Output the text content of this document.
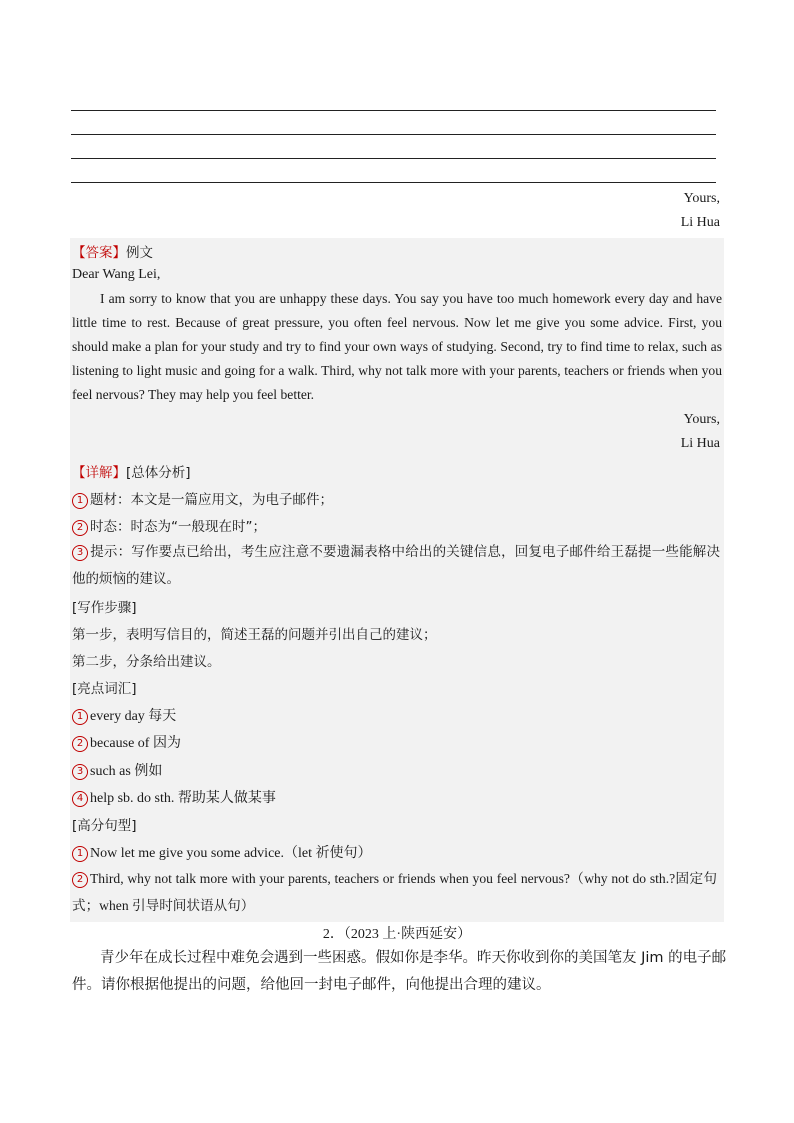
Yours,
Li Hua
【答案】例文
Dear Wang Lei,
I am sorry to know that you are unhappy these days. You say you have too much homework every day and have little time to rest. Because of great pressure, you often feel nervous. Now let me give you some advice. First, you should make a plan for your study and try to find your own ways of studying. Second, try to find time to relax, such as listening to light music and going for a walk. Third, why not talk more with your parents, teachers or friends when you feel nervous? They may help you feel better.
Yours,
Li Hua
【详解】[总体分析]
1 题材：本文是一篇应用文，为电子邮件；
2 时态：时态为“一般现在时”；
3 提示：写作要点已给出，考生应注意不要遗漏表格中给出的关键信息，回复电子邮件给王磊提一些能解决他的烦恼的建议。
[写作步骤]
第一步，表明写信目的，简述王磊的问题并引出自己的建议；
第二步，分条给出建议。
[亮点词汇]
1 every day 每天
2 because of 因为
3 such as 例如
4 help sb. do sth. 帮助某人做某事
[高分句型]
1 Now let me give you some advice.（let 祈使句）
2 Third, why not talk more with your parents, teachers or friends when you feel nervous?（why not do sth.?固定句式；when 引导时间状语从句）
2．（2023 上·陕西延安）
青少年在成长过程中难免会遇到一些困惑。假如你是李华。昨天你收到你的美国笔友 Jim 的电子邮件。请你根据他提出的问题，给他回一封电子邮件，向他提出合理的建议。
